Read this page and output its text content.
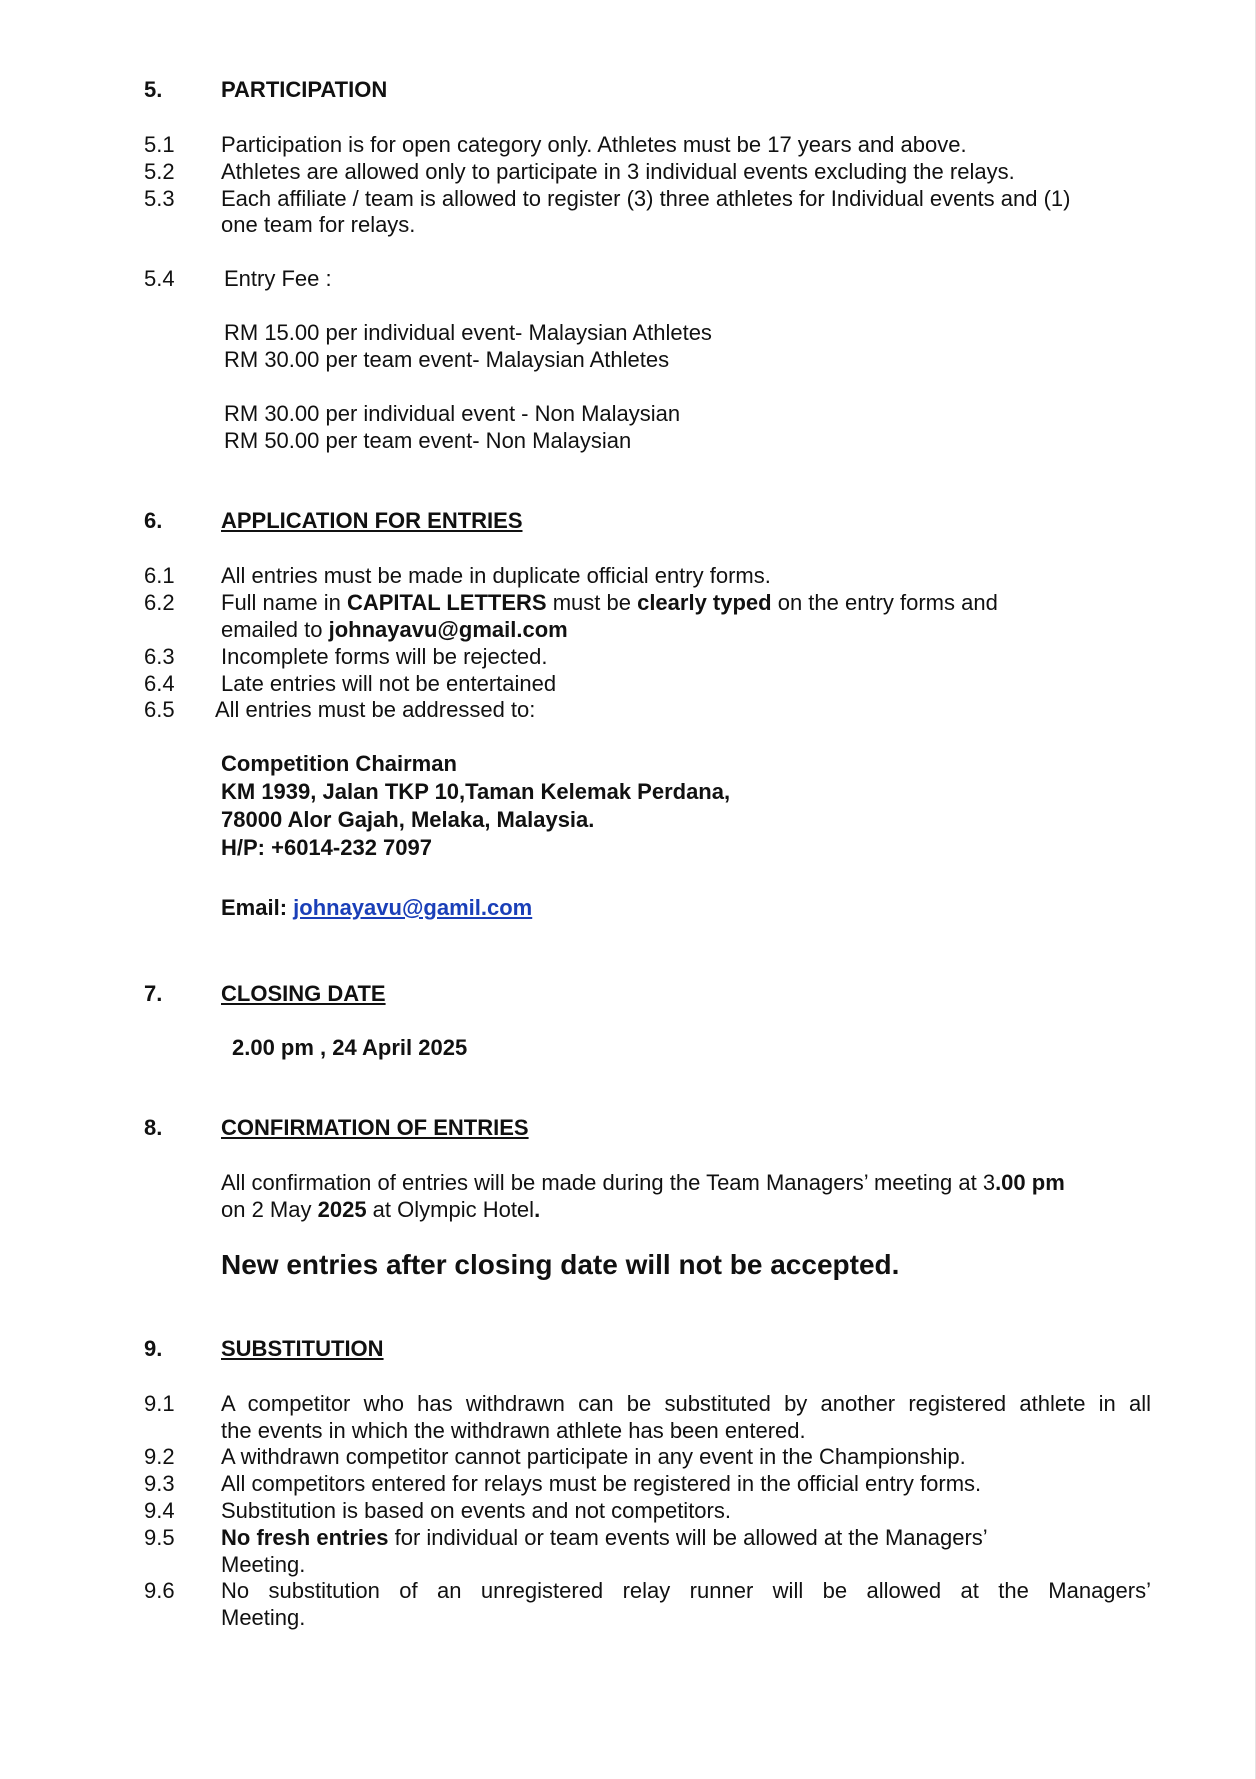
5.	PARTICIPATION
5.1 Participation is for open category only. Athletes must be 17 years and above.
5.2 Athletes are allowed only to participate in 3 individual events excluding the relays.
5.3 Each affiliate / team is allowed to register (3) three athletes for Individual events and (1)
one team for relays.
5.4 Entry Fee :
RM 15.00 per individual event- Malaysian Athletes
RM 30.00 per team event- Malaysian Athletes
RM 30.00 per individual event - Non Malaysian
RM 50.00 per team event- Non Malaysian
6.	APPLICATION FOR ENTRIES
6.1 All entries must be made in duplicate official entry forms.
6.2 Full name in CAPITAL LETTERS must be clearly typed on the entry forms and
emailed to johnayavu@gmail.com
6.3 Incomplete forms will be rejected.
6.4 Late entries will not be entertained
6.5 All entries must be addressed to:
Competition Chairman
KM 1939, Jalan TKP 10,Taman Kelemak Perdana,
78000 Alor Gajah, Melaka, Malaysia.
H/P: +6014-232 7097
Email: johnayavu@gamil.com
7.	CLOSING DATE
2.00 pm , 24 April 2025
8.	CONFIRMATION OF ENTRIES
All confirmation of entries will be made during the Team Managers’ meeting at 3.00 pm
on 2 May 2025 at Olympic Hotel.
New entries after closing date will not be accepted.
9.	SUBSTITUTION
9.1 A competitor who has withdrawn can be substituted by another registered athlete in all
the events in which the withdrawn athlete has been entered.
9.2 A withdrawn competitor cannot participate in any event in the Championship.
9.3 All competitors entered for relays must be registered in the official entry forms.
9.4 Substitution is based on events and not competitors.
9.5 No fresh entries for individual or team events will be allowed at the Managers’
Meeting.
9.6 No substitution of an unregistered relay runner will be allowed at the Managers’
Meeting.
